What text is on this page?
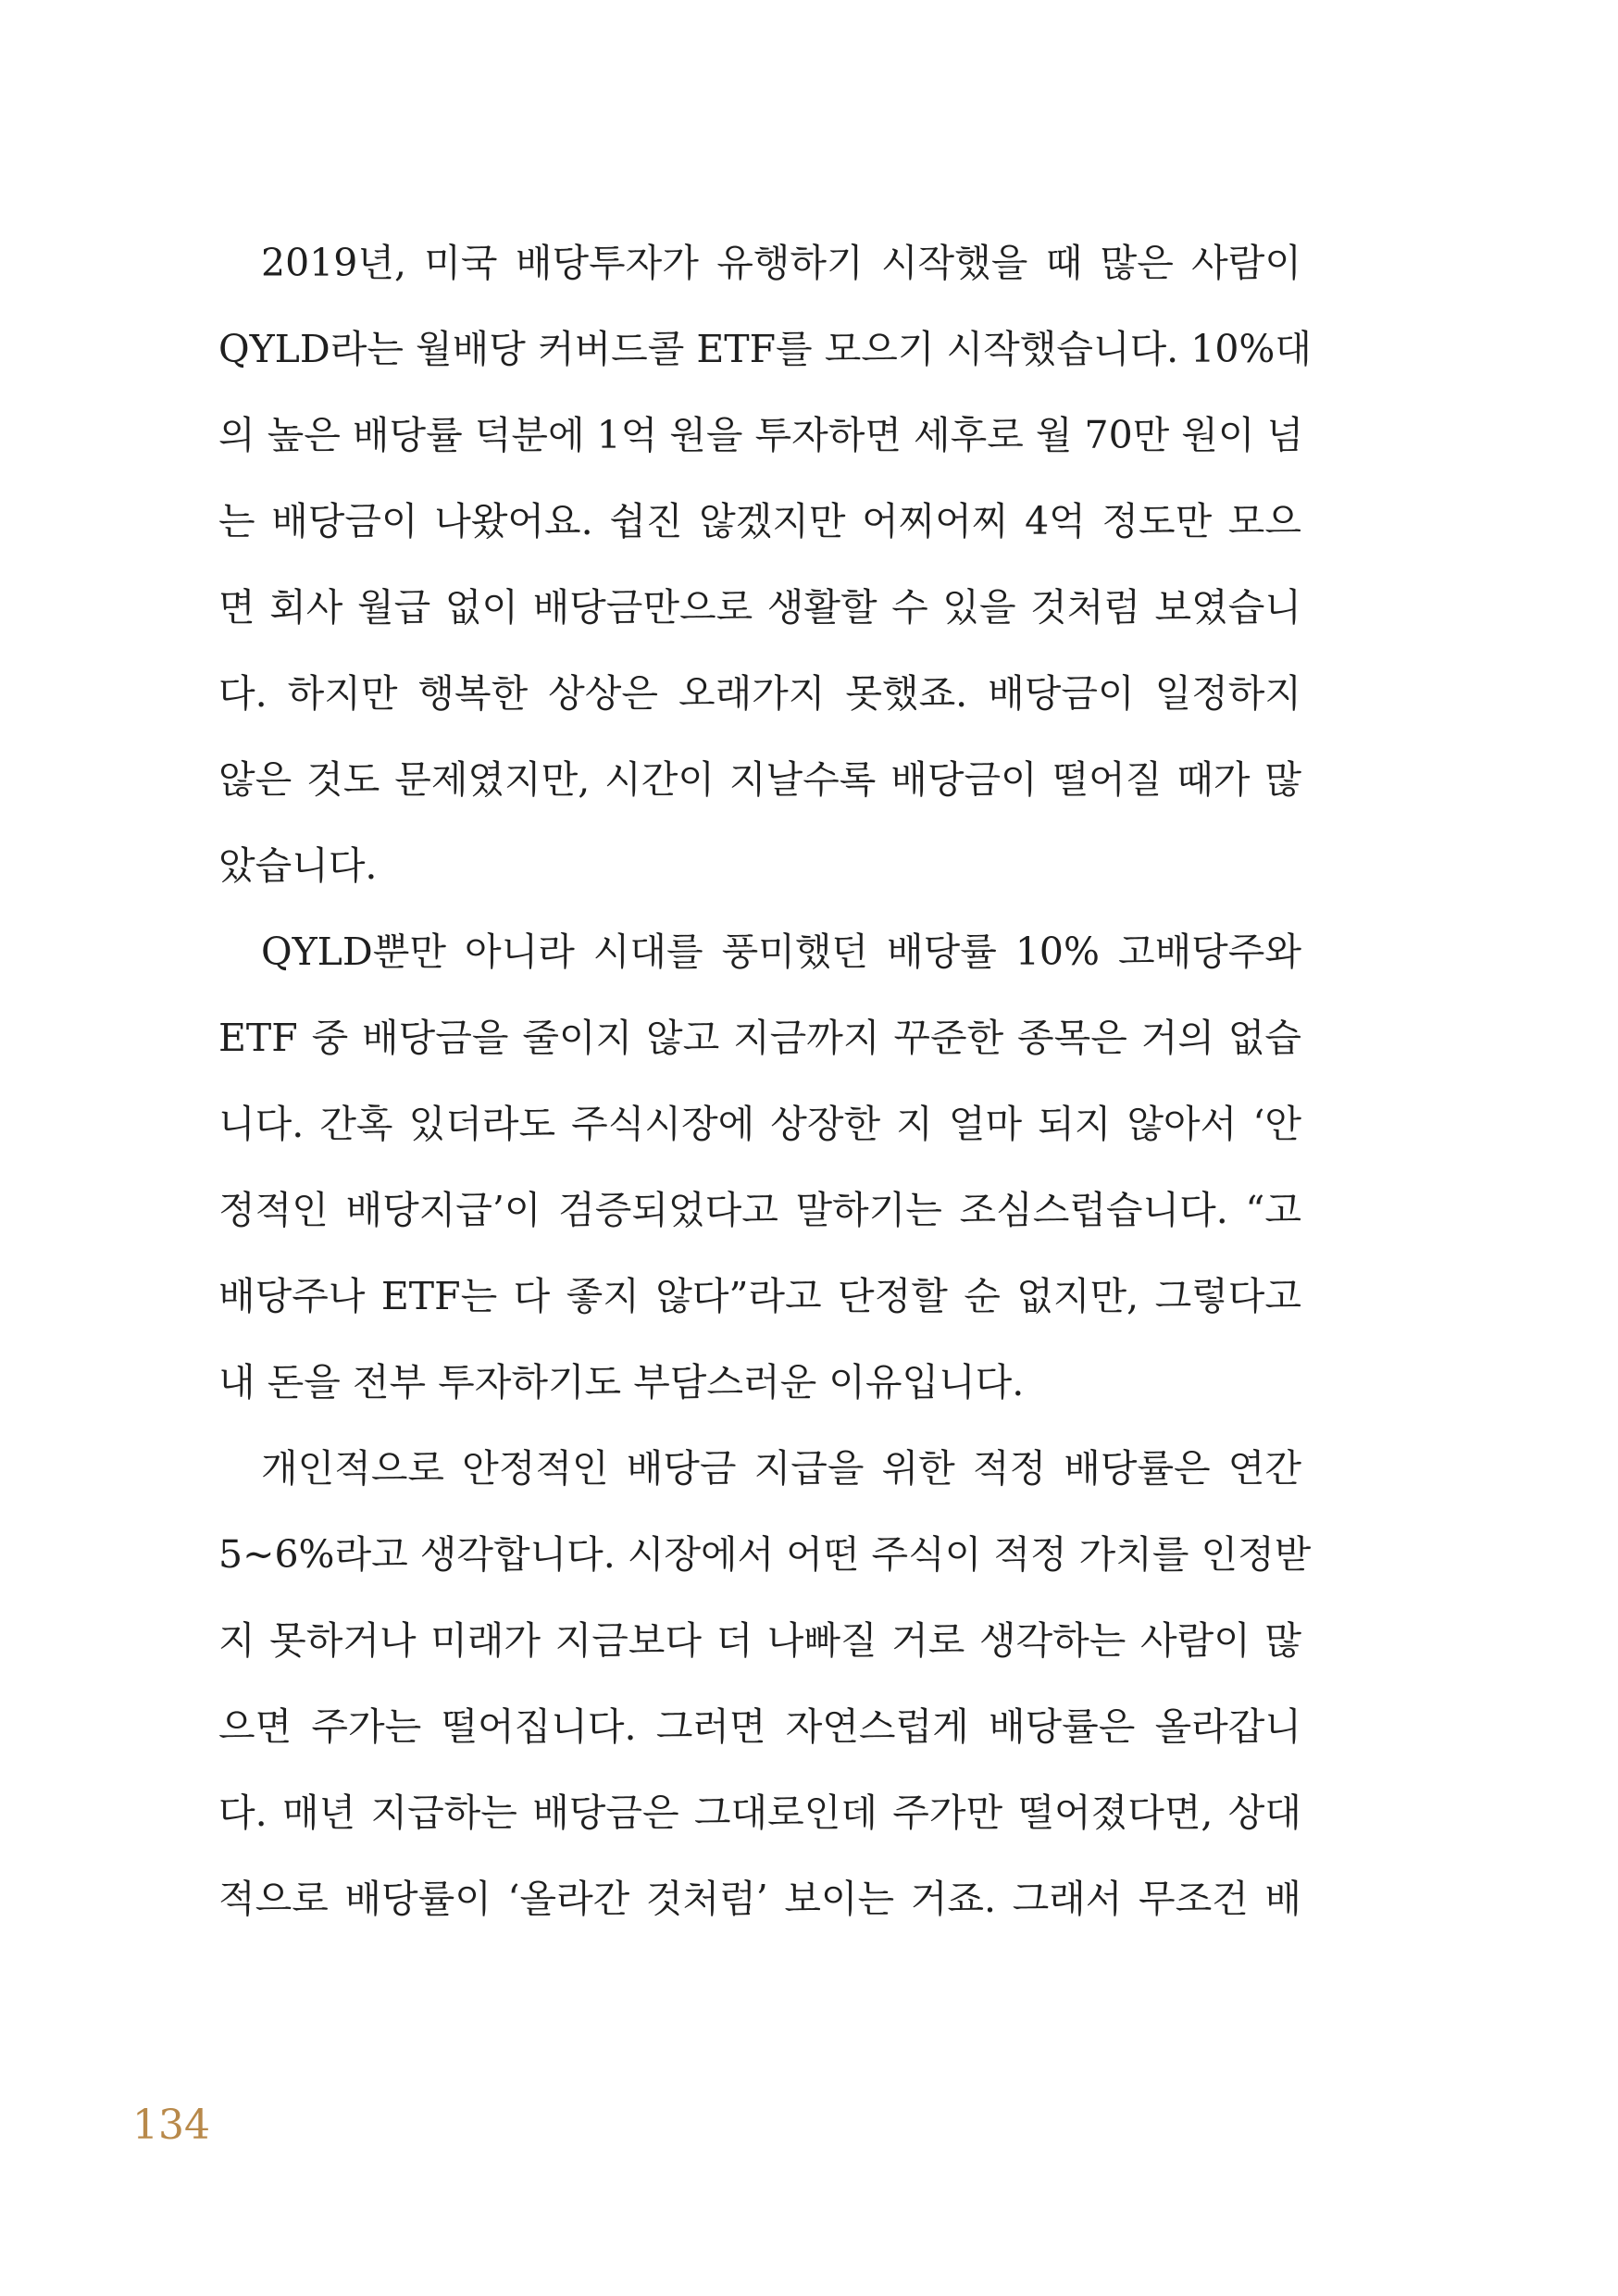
2019년, 미국 배당투자가 유행하기 시작했을 때 많은 사람이
QYLD라는 월배당 커버드콜 ETF를 모으기 시작했습니다. 10%대
의 높은 배당률 덕분에 1억 원을 투자하면 세후로 월 70만 원이 넘
는 배당금이 나왔어요. 쉽진 않겠지만 어찌어찌 4억 정도만 모으
면 회사 월급 없이 배당금만으로 생활할 수 있을 것처럼 보였습니
다. 하지만 행복한 상상은 오래가지 못했죠. 배당금이 일정하지
않은 것도 문제였지만, 시간이 지날수록 배당금이 떨어질 때가 많
았습니다.
QYLD뿐만 아니라 시대를 풍미했던 배당률 10% 고배당주와
ETF 중 배당금을 줄이지 않고 지금까지 꾸준한 종목은 거의 없습
니다. 간혹 있더라도 주식시장에 상장한 지 얼마 되지 않아서 ‘안
정적인 배당지급’이 검증되었다고 말하기는 조심스럽습니다. “고
배당주나 ETF는 다 좋지 않다”라고 단정할 순 없지만, 그렇다고
내 돈을 전부 투자하기도 부담스러운 이유입니다.
개인적으로 안정적인 배당금 지급을 위한 적정 배당률은 연간
5~6%라고 생각합니다. 시장에서 어떤 주식이 적정 가치를 인정받
지 못하거나 미래가 지금보다 더 나빠질 거로 생각하는 사람이 많
으면 주가는 떨어집니다. 그러면 자연스럽게 배당률은 올라갑니
다. 매년 지급하는 배당금은 그대로인데 주가만 떨어졌다면, 상대
적으로 배당률이 ‘올라간 것처럼’ 보이는 거죠. 그래서 무조건 배
134
